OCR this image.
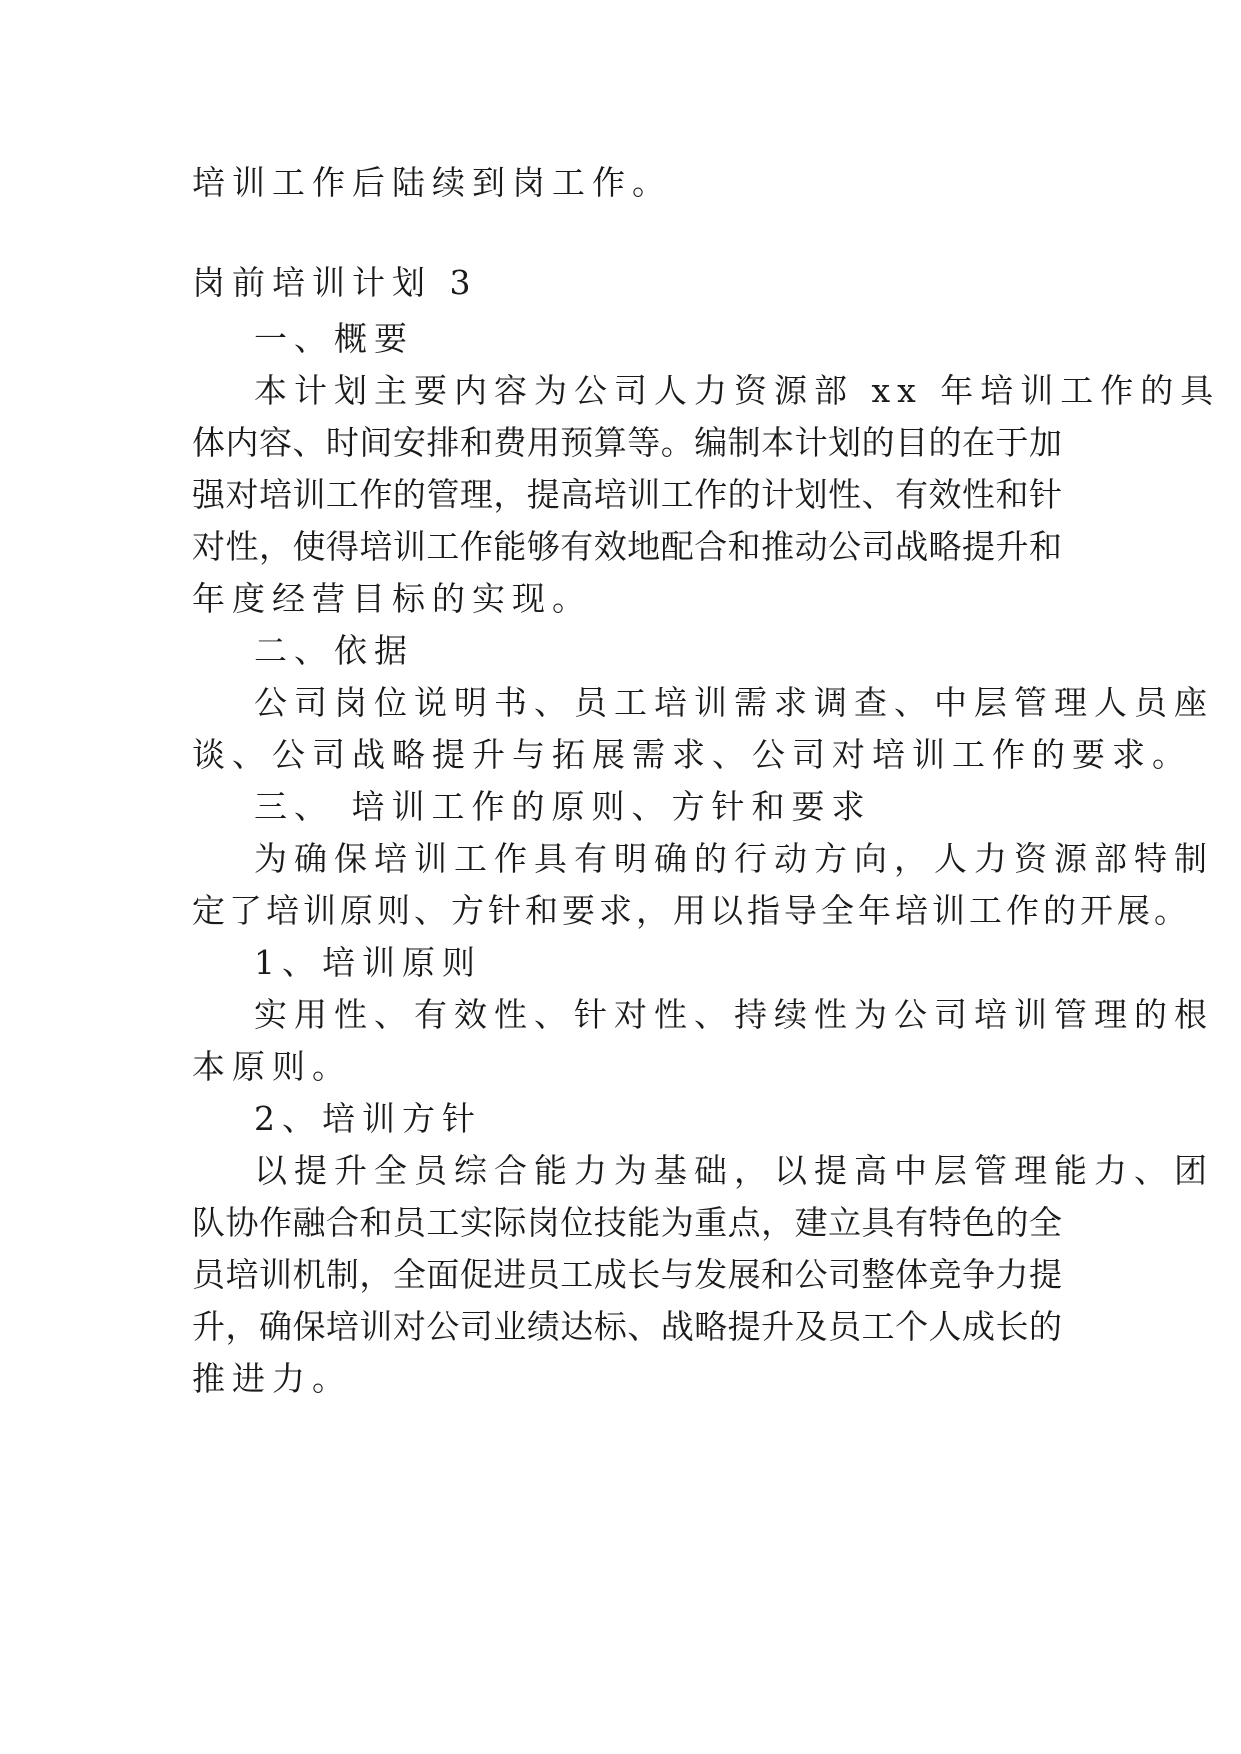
培训工作后陆续到岗工作。
岗前培训计划 3
一、概要
本计划主要内容为公司人力资源部 xx 年培训工作的具
体内容、时间安排和费用预算等。编制本计划的目的在于加
强对培训工作的管理，提高培训工作的计划性、有效性和针
对性，使得培训工作能够有效地配合和推动公司战略提升和
年度经营目标的实现。
二、依据
公司岗位说明书、员工培训需求调查、中层管理人员座
谈、公司战略提升与拓展需求、公司对培训工作的要求。
三、 培训工作的原则、方针和要求
为确保培训工作具有明确的行动方向，人力资源部特制
定了培训原则、方针和要求，用以指导全年培训工作的开展。
1、培训原则
实用性、有效性、针对性、持续性为公司培训管理的根
本原则。
2、培训方针
以提升全员综合能力为基础，以提高中层管理能力、团
队协作融合和员工实际岗位技能为重点，建立具有特色的全
员培训机制，全面促进员工成长与发展和公司整体竞争力提
升，确保培训对公司业绩达标、战略提升及员工个人成长的
推进力。
